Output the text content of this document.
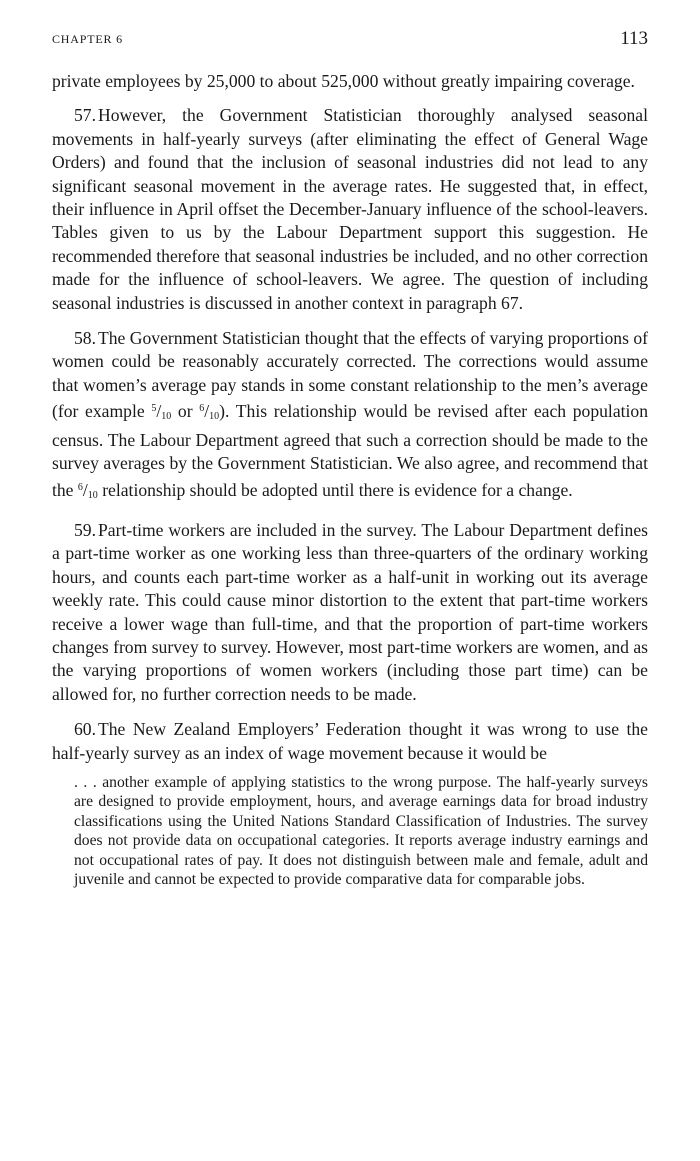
CHAPTER 6	113

private employees by 25,000 to about 525,000 without greatly impairing coverage.

57. However, the Government Statistician thoroughly analysed seasonal movements in half-yearly surveys (after eliminating the effect of General Wage Orders) and found that the inclusion of seasonal industries did not lead to any significant seasonal movement in the average rates. He suggested that, in effect, their influence in April offset the December-January influence of the school-leavers. Tables given to us by the Labour Department support this suggestion. He recommended therefore that seasonal industries be included, and no other correction made for the influence of school-leavers. We agree. The question of including seasonal industries is discussed in another context in paragraph 67.

58. The Government Statistician thought that the effects of varying proportions of women could be reasonably accurately corrected. The corrections would assume that women’s average pay stands in some constant relationship to the men’s average (for example $^5/_{10}$ or $^6/_{10}$). This relationship would be revised after each population census. The Labour Department agreed that such a correction should be made to the survey averages by the Government Statistician. We also agree, and recommend that the $^6/_{10}$ relationship should be adopted until there is evidence for a change.

59. Part-time workers are included in the survey. The Labour Department defines a part-time worker as one working less than three-quarters of the ordinary working hours, and counts each part-time worker as a half-unit in working out its average weekly rate. This could cause minor distortion to the extent that part-time workers receive a lower wage than full-time, and that the proportion of part-time workers changes from survey to survey. However, most part-time workers are women, and as the varying proportions of women workers (including those part time) can be allowed for, no further correction needs to be made.

60. The New Zealand Employers’ Federation thought it was wrong to use the half-yearly survey as an index of wage movement because it would be

. . . another example of applying statistics to the wrong purpose. The half-yearly surveys are designed to provide employment, hours, and average earnings data for broad industry classifications using the United Nations Standard Classification of Industries. The survey does not provide data on occupational categories. It reports average industry earnings and not occupational rates of pay. It does not distinguish between male and female, adult and juvenile and cannot be expected to provide comparative data for comparable jobs.
